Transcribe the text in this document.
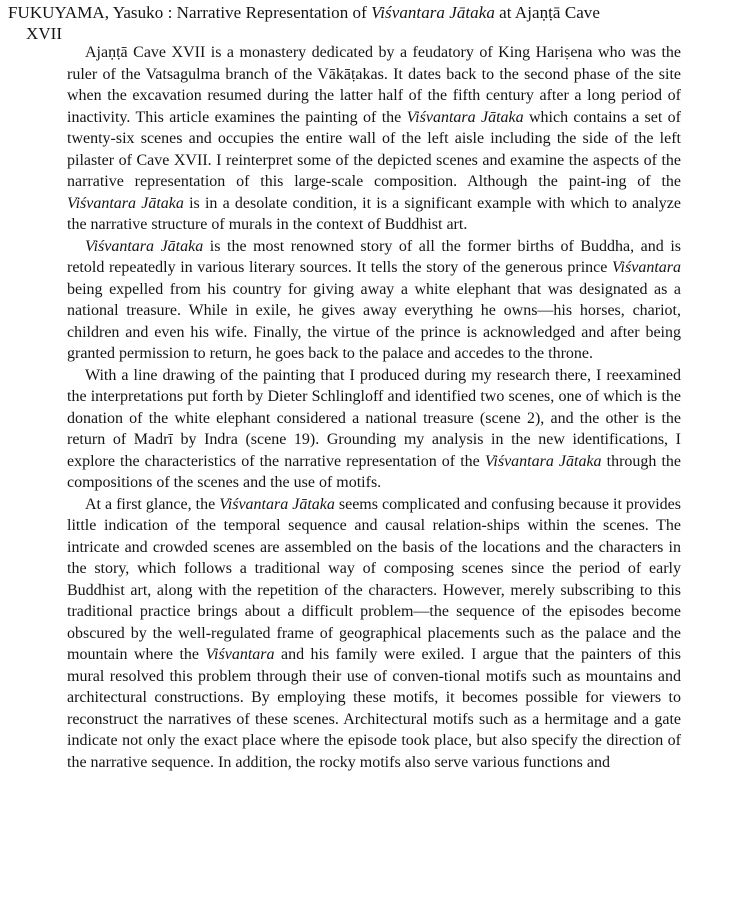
FUKUYAMA, Yasuko : Narrative Representation of Viśvantara Jātaka at Ajaṇṭā Cave
XVII

Ajaṇṭā Cave XVII is a monastery dedicated by a feudatory of King Hariṣena who was the ruler of the Vatsagulma branch of the Vākāṭakas. It dates back to the second phase of the site when the excavation resumed during the latter half of the fifth century after a long period of inactivity. This article examines the painting of the Viśvantara Jātaka which contains a set of twenty-six scenes and occupies the entire wall of the left aisle including the side of the left pilaster of Cave XVII. I reinterpret some of the depicted scenes and examine the aspects of the narrative representation of this large-scale composition. Although the paint-​ing of the Viśvantara Jātaka is in a desolate condition, it is a significant example with which to analyze the narrative structure of murals in the context of Buddhist art.

Viśvantara Jātaka is the most renowned story of all the former births of Buddha, and is retold repeatedly in various literary sources. It tells the story of the generous prince Viśvantara being expelled from his country for giving away a white elephant that was designated as a national treasure. While in exile, he gives away everything he owns—his horses, chariot, children and even his wife. Finally, the virtue of the prince is acknowledged and after being granted permission to return, he goes back to the palace and accedes to the throne.

With a line drawing of the painting that I produced during my research there, I reexamined the interpretations put forth by Dieter Schlingloff and identified two scenes, one of which is the donation of the white elephant considered a national treasure (scene 2), and the other is the return of Madrī by Indra (scene 19). Grounding my analysis in the new identifications, I explore the characteristics of the narrative representation of the Viśvantara Jātaka through the compositions of the scenes and the use of motifs.

At a first glance, the Viśvantara Jātaka seems complicated and confusing because it provides little indication of the temporal sequence and causal relation-​ships within the scenes. The intricate and crowded scenes are assembled on the basis of the locations and the characters in the story, which follows a traditional way of composing scenes since the period of early Buddhist art, along with the repetition of the characters. However, merely subscribing to this traditional practice brings about a difficult problem—the sequence of the episodes become obscured by the well-regulated frame of geographical placements such as the palace and the mountain where the Viśvantara and his family were exiled. I argue that the painters of this mural resolved this problem through their use of conven-​tional motifs such as mountains and architectural constructions. By employing these motifs, it becomes possible for viewers to reconstruct the narratives of these scenes. Architectural motifs such as a hermitage and a gate indicate not only the exact place where the episode took place, but also specify the direction of the narrative sequence. In addition, the rocky motifs also serve various functions and
